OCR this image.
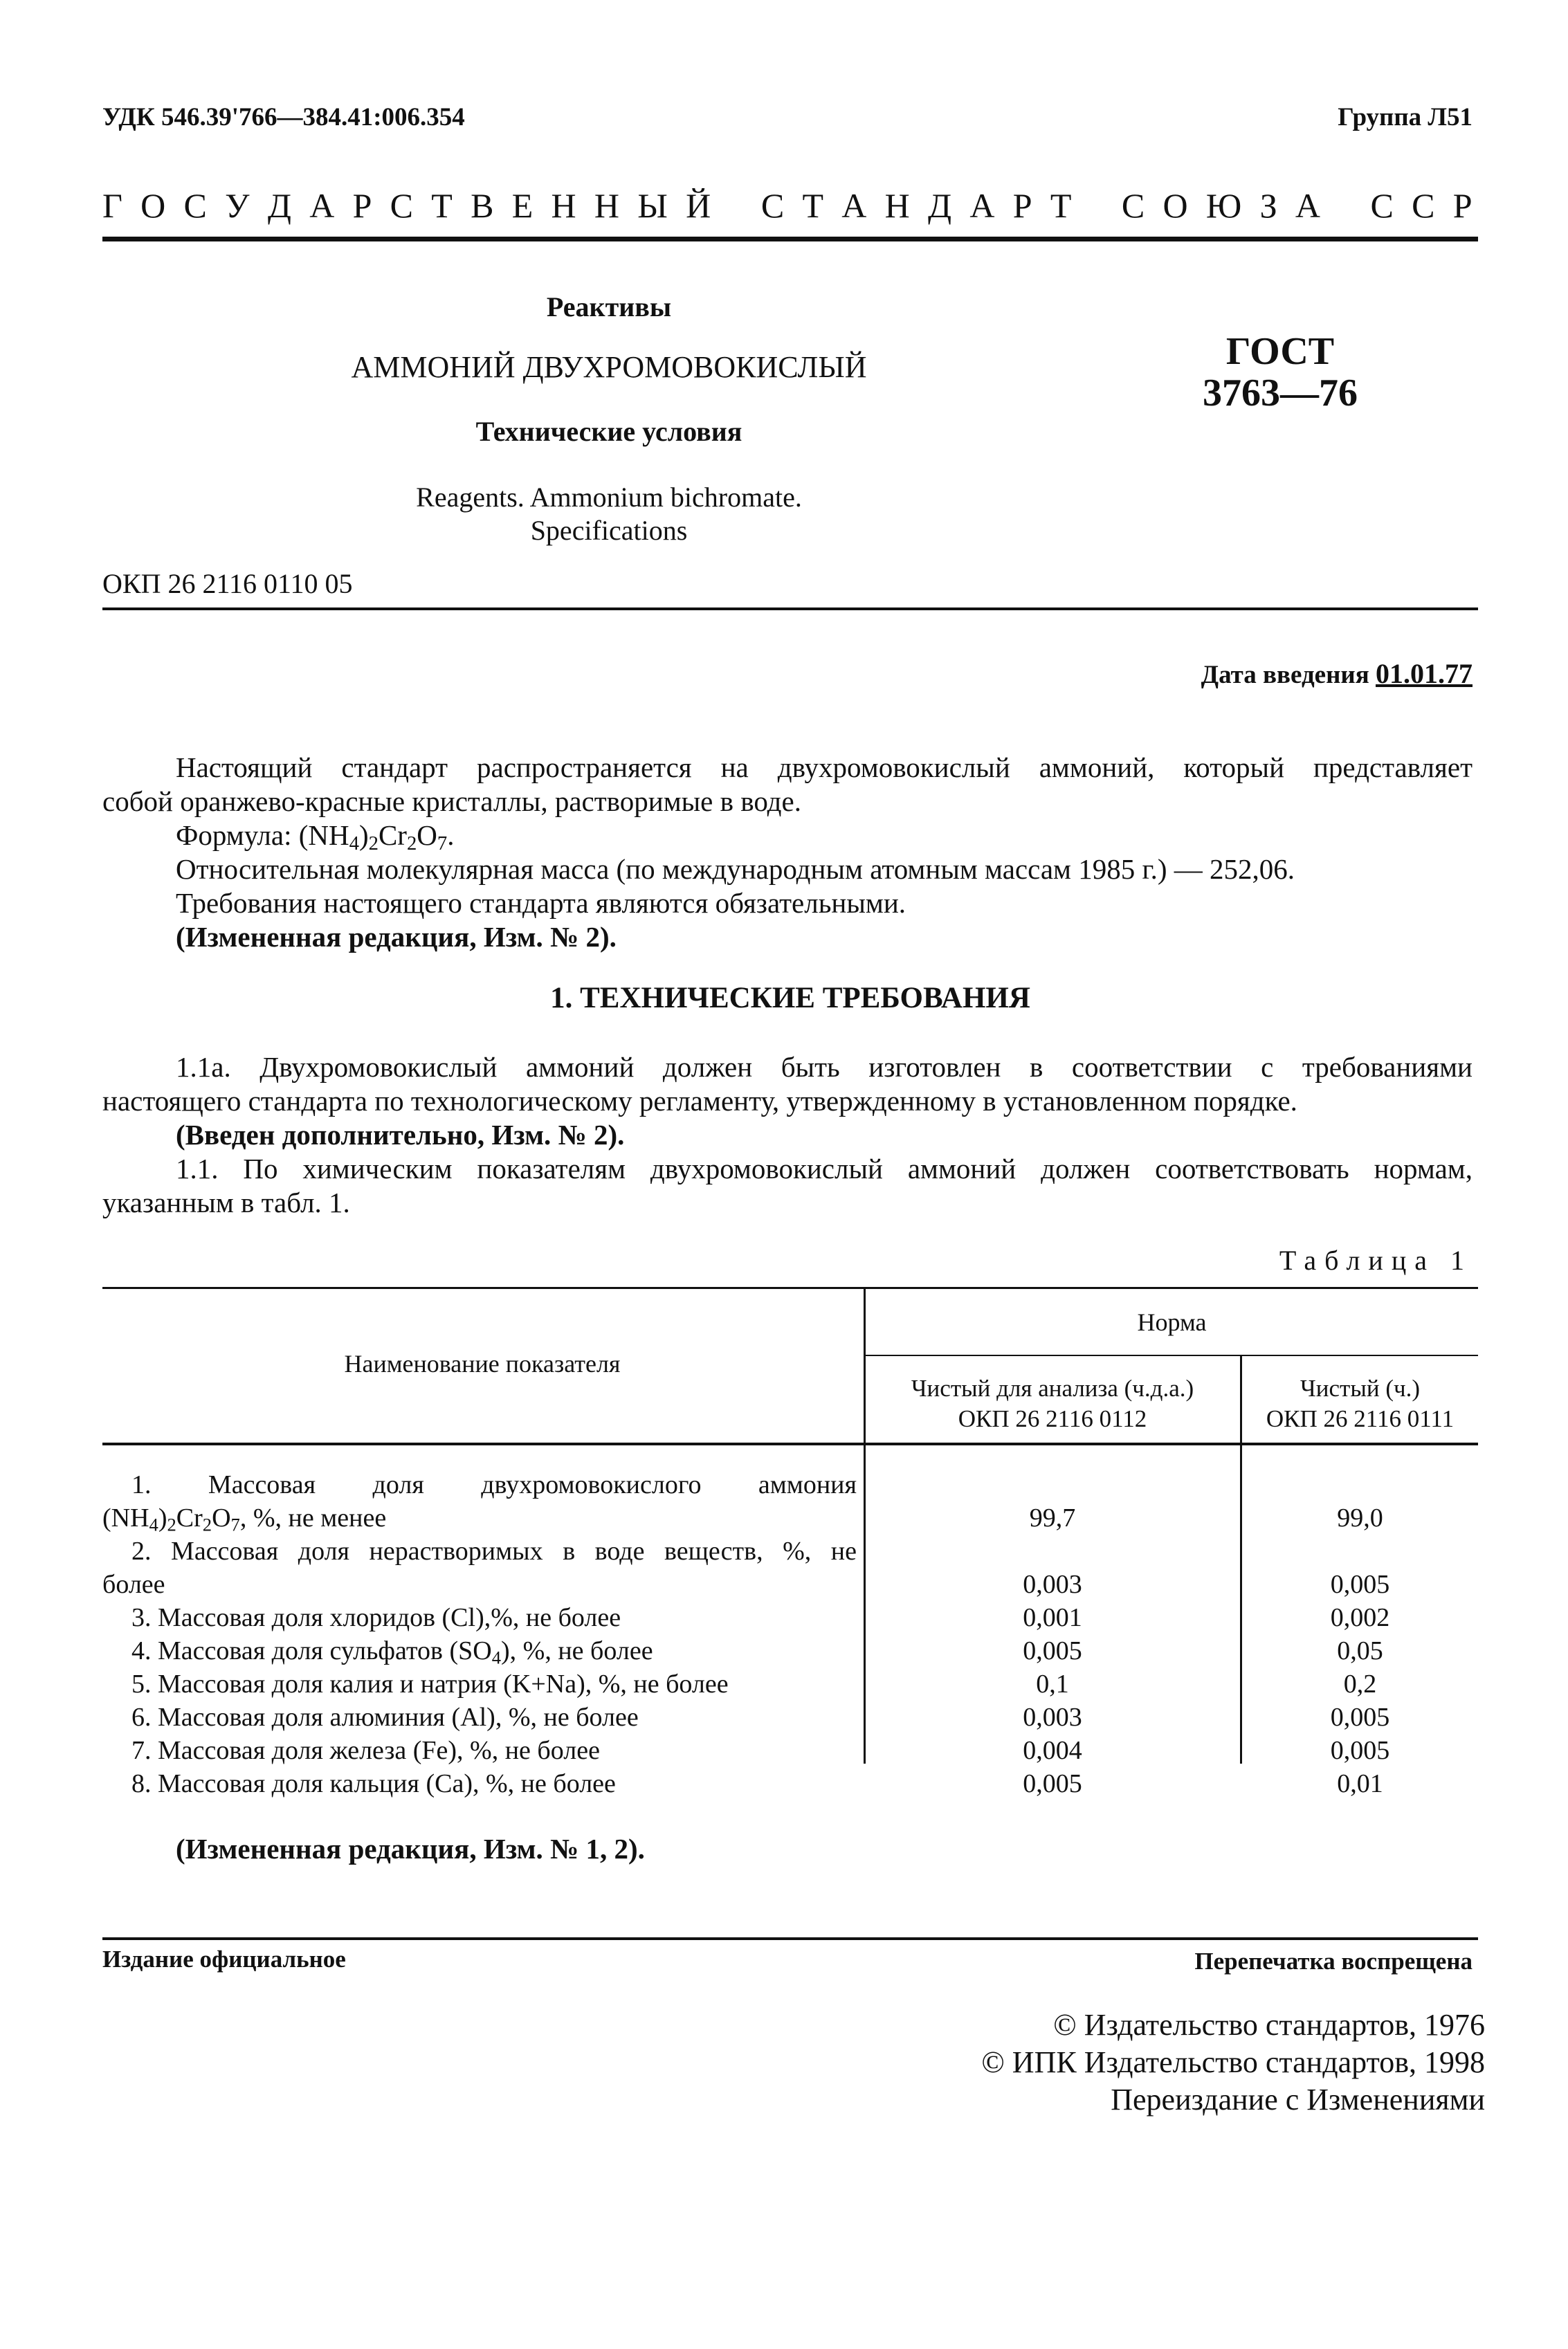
УДК 546.39'766—384.41:006.354	Группа Л51
Г О С У Д А Р С Т В Е Н Н Ы Й С Т А Н Д А Р Т С О Ю З А С С Р
Реактивы
АММОНИЙ ДВУХРОМОВОКИСЛЫЙ
Технические условия
Reagents. Ammonium bichromate.
Specifications
ГОСТ
3763—76
ОКП 26 2116 0110 05
Дата введения 01.01.77

Настоящий стандарт распространяется на двухромовокислый аммоний, который представляет

собой оранжево-красные кристаллы, растворимые в воде.

Формула: $(NH_4)_2Cr_2O_7$.

Относительная молекулярная масса (по международным атомным массам 1985 г.) — 252,06.

Требования настоящего стандарта являются обязательными.

(Измененная редакция, Изм. № 2).

1. ТЕХНИЧЕСКИЕ ТРЕБОВАНИЯ

1.1а. Двухромовокислый аммоний должен быть изготовлен в соответствии с требованиями

настоящего стандарта по технологическому регламенту, утвержденному в установленном порядке.

(Введен дополнительно, Изм. № 2).

1.1. По химическим показателям двухромовокислый аммоний должен соответствовать нормам,

указанным в табл. 1.

Таблица 1
Наименование показателя
Норма
Чистый для анализа (ч.д.а.)
ОКП 26 2116 0112
Чистый (ч.)
ОКП 26 2116 0111
1. Массовая доля двухромовокислого аммония
$(NH_4)_2Cr_2O_7$, %, не менее	99,7	99,0
2. Массовая доля нерастворимых в воде веществ, %, не
более	0,003	0,005
3. Массовая доля хлоридов (Cl),%, не более	0,001	0,002
4. Массовая доля сульфатов $(SO_4)$, %, не более	0,005	0,05
5. Массовая доля калия и натрия (K+Na), %, не более	0,1	0,2
6. Массовая доля алюминия (Al), %, не более	0,003	0,005
7. Массовая доля железа (Fe), %, не более	0,004	0,005
8. Массовая доля кальция (Ca), %, не более	0,005	0,01
(Измененная редакция, Изм. № 1, 2).
Издание официальное	Перепечатка воспрещена
© Издательство стандартов, 1976
© ИПК Издательство стандартов, 1998
Переиздание с Изменениями
